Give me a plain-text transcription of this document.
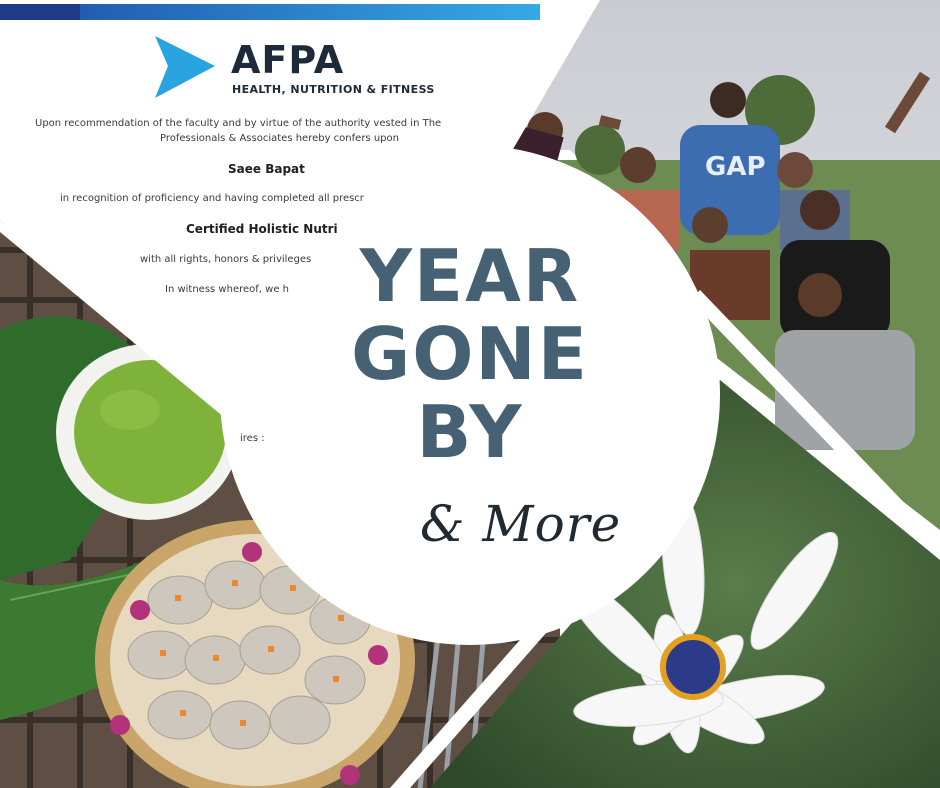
GAP
AFPA
HEALTH, NUTRITION & FITNESS
Upon recommendation of the faculty and by virtue of the authority vested in The
Professionals & Associates hereby confers upon
Saee Bapat
in recognition of proficiency and having completed all prescr
Certified Holistic Nutri
with all rights, honors & privileges
In witness whereof, we h
ires :
YEAR
GONE
BY
& More
